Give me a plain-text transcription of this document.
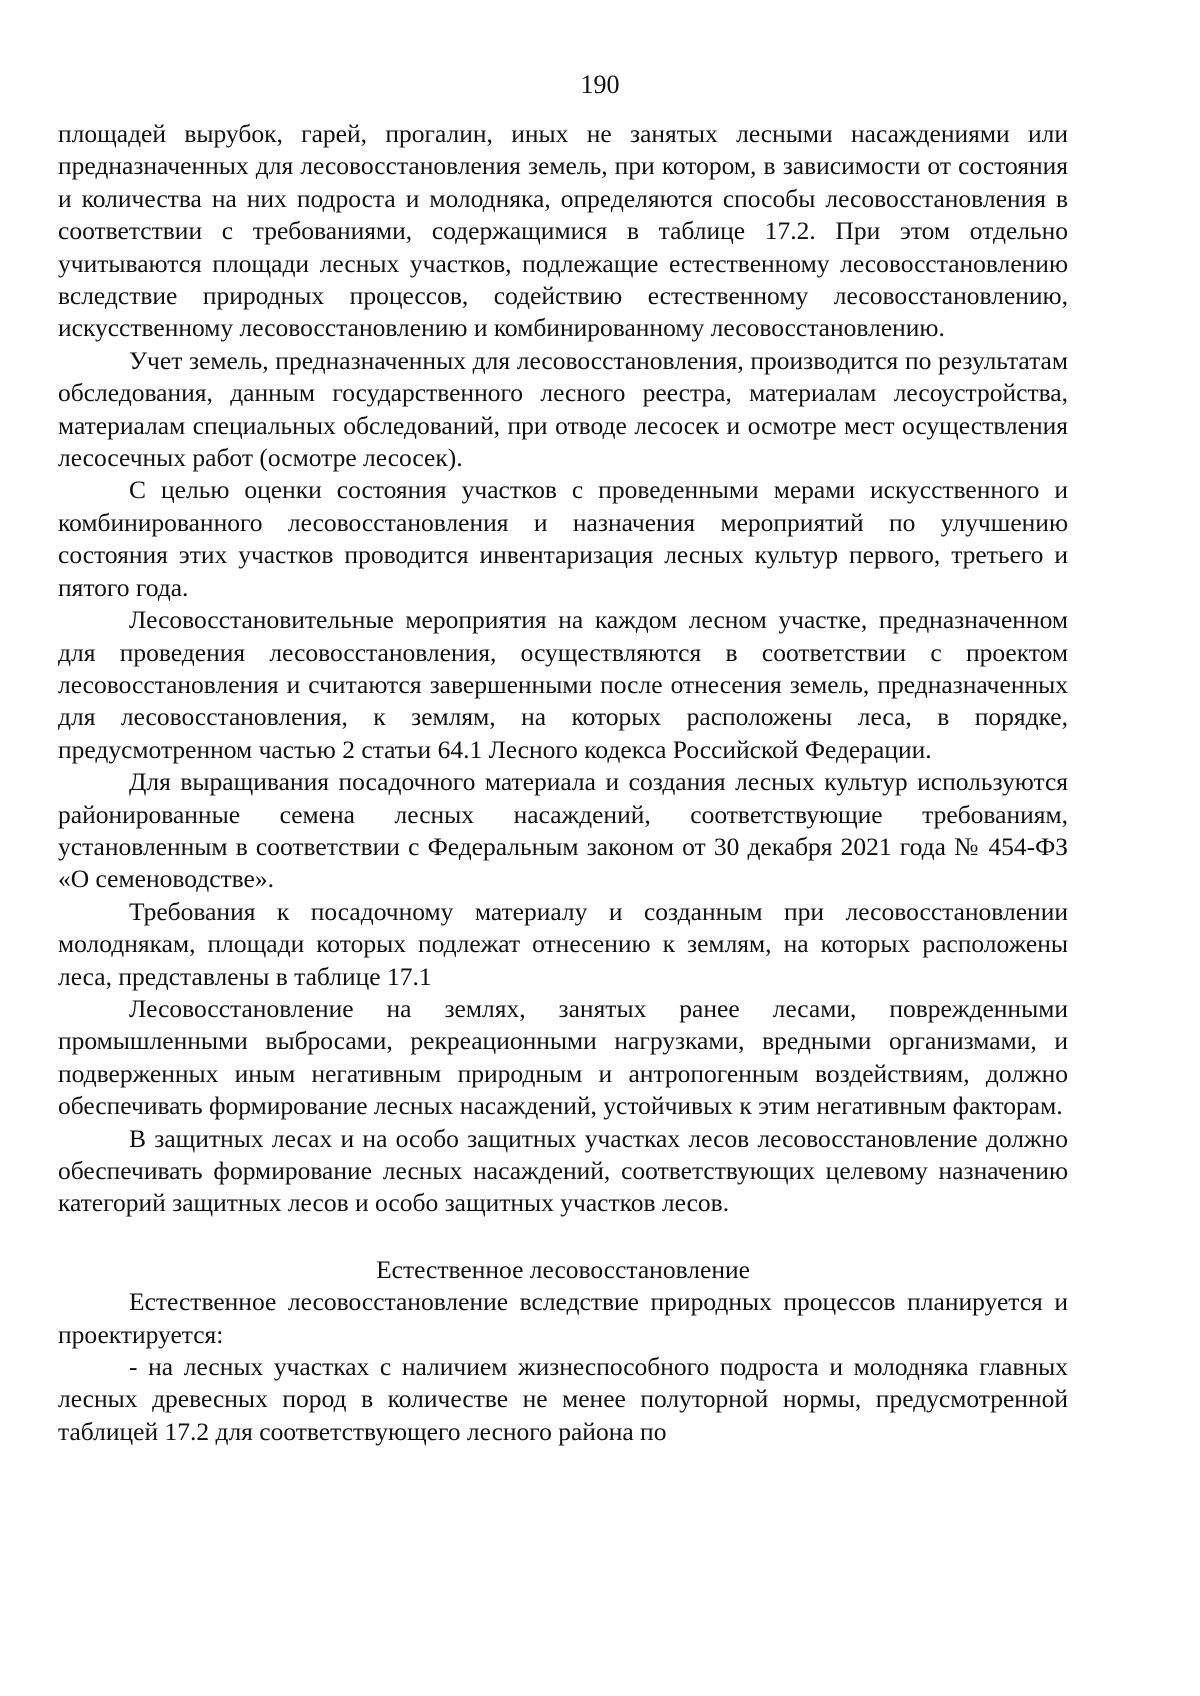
190

площадей вырубок, гарей, прогалин, иных не занятых лесными насаждениями или предназначенных для лесовосстановления земель, при котором, в зависимости от состояния и количества на них подроста и молодняка, определяются способы лесовосстановления в соответствии с требованиями, содержащимися в таблице 17.2. При этом отдельно учитываются площади лесных участков, подлежащие естественному лесовосстановлению вследствие природных процессов, содействию естественному лесовосстановлению, искусственному лесовосстановлению и комбинированному лесовосстановлению.

Учет земель, предназначенных для лесовосстановления, производится по результатам обследования, данным государственного лесного реестра, материалам лесоустройства, материалам специальных обследований, при отводе лесосек и осмотре мест осуществления лесосечных работ (осмотре лесосек).

С целью оценки состояния участков с проведенными мерами искусственного и комбинированного лесовосстановления и назначения мероприятий по улучшению состояния этих участков проводится инвентаризация лесных культур первого, третьего и пятого года.

Лесовосстановительные мероприятия на каждом лесном участке, предназначенном для проведения лесовосстановления, осуществляются в соответствии с проектом лесовосстановления и считаются завершенными после отнесения земель, предназначенных для лесовосстановления, к землям, на которых расположены леса, в порядке, предусмотренном частью 2 статьи 64.1 Лесного кодекса Российской Федерации.

Для выращивания посадочного материала и создания лесных культур используются районированные семена лесных насаждений, соответствующие требованиям, установленным в соответствии с Федеральным законом от 30 декабря 2021 года № 454-ФЗ «О семеноводстве».

Требования к посадочному материалу и созданным при лесовосстановлении молоднякам, площади которых подлежат отнесению к землям, на которых расположены леса, представлены в таблице 17.1

Лесовосстановление на землях, занятых ранее лесами, поврежденными промышленными выбросами, рекреационными нагрузками, вредными организмами, и подверженных иным негативным природным и антропогенным воздействиям, должно обеспечивать формирование лесных насаждений, устойчивых к этим негативным факторам.

В защитных лесах и на особо защитных участках лесов лесовосстановление должно обеспечивать формирование лесных насаждений, соответствующих целевому назначению категорий защитных лесов и особо защитных участков лесов.

Естественное лесовосстановление

Естественное лесовосстановление вследствие природных процессов планируется и проектируется:

- на лесных участках с наличием жизнеспособного подроста и молодняка главных лесных древесных пород в количестве не менее полуторной нормы, предусмотренной таблицей 17.2 для соответствующего лесного района по
